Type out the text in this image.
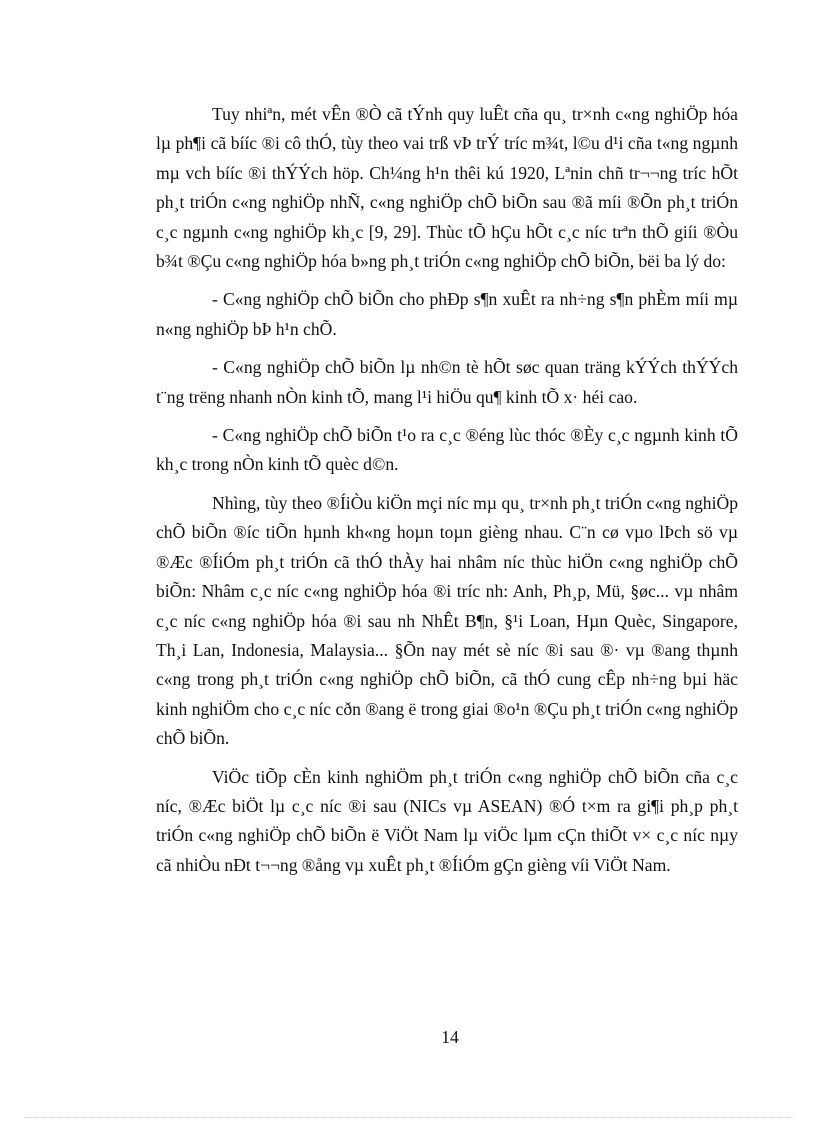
Tuy nhiªn, mét vÊn ®Ò cã tÝnh quy luÊt cña qu¸ tr×nh c«ng nghiÖp hóa lµ ph¶i cã bííc ®i cô thÓ, tùy theo vai trß vÞ trÝ tríc m¾t, l©u d¹i cña t«ng ngµnh mµ vch bííc ®i thÝÝch höp. Ch¼ng h¹n thêi kú 1920, Lªnin chñ tr¬¬ng tríc hÕt ph¸t triÓn c«ng nghiÖp nhÑ, c«ng nghiÖp chÕ biÕn sau ®ã míi ®Õn ph¸t triÓn c¸c ngµnh c«ng nghiÖp kh¸c [9, 29]. Thùc tÕ hÇu hÕt c¸c níc trªn thÕ giíi ®Òu b¾t ®Çu c«ng nghiÖp hóa b»ng ph¸t triÓn c«ng nghiÖp chÕ biÕn, bëi ba lý do:

- C«ng nghiÖp chÕ biÕn cho phÐp s¶n xuÊt ra nh÷ng s¶n phÈm míi mµ n«ng nghiÖp bÞ h¹n chÕ.

- C«ng nghiÖp chÕ biÕn lµ nh©n tè hÕt søc quan träng kÝÝch thÝÝch t¨ng trëng nhanh nÒn kinh tÕ, mang l¹i hiÖu qu¶ kinh tÕ x· héi cao.

- C«ng nghiÖp chÕ biÕn t¹o ra c¸c ®éng lùc thóc ®Èy c¸c ngµnh kinh tÕ kh¸c trong nÒn kinh tÕ quèc d©n.

Nhìng, tùy theo ®ÍiÒu kiÖn mçi níc mµ qu¸ tr×nh ph¸t triÓn c«ng nghiÖp chÕ biÕn ®íc tiÕn hµnh kh«ng hoµn toµn gièng nhau. C¨n cø vµo lÞch sö vµ ®Æc ®ÍiÓm ph¸t triÓn cã thÓ thÀy hai nhâm níc thùc hiÖn c«ng nghiÖp chÕ biÕn: Nhâm c¸c níc c«ng nghiÖp hóa ®i tríc nh: Anh, Ph¸p, Mü, §øc... vµ nhâm c¸c níc c«ng nghiÖp hóa ®i sau nh NhÊt B¶n, §¹i Loan, Hµn Quèc, Singapore, Th¸i Lan, Indonesia, Malaysia... §Õn nay mét sè níc ®i sau ®· vµ ®ang thµnh c«ng trong ph¸t triÓn c«ng nghiÖp chÕ biÕn, cã thÓ cung cÊp nh÷ng bµi häc kinh nghiÖm cho c¸c níc cðn ®ang ë trong giai ®o¹n ®Çu ph¸t triÓn c«ng nghiÖp chÕ biÕn.

ViÖc tiÕp cÈn kinh nghiÖm ph¸t triÓn c«ng nghiÖp chÕ biÕn cña c¸c níc, ®Æc biÖt lµ c¸c níc ®i sau (NICs vµ ASEAN) ®Ó t×m ra gi¶i ph¸p ph¸t triÓn c«ng nghiÖp chÕ biÕn ë ViÖt Nam lµ viÖc lµm cÇn thiÕt v× c¸c níc nµy cã nhiÒu nÐt t¬¬ng ®ång vµ xuÊt ph¸t ®ÍiÓm gÇn gièng víi ViÖt Nam.

14
